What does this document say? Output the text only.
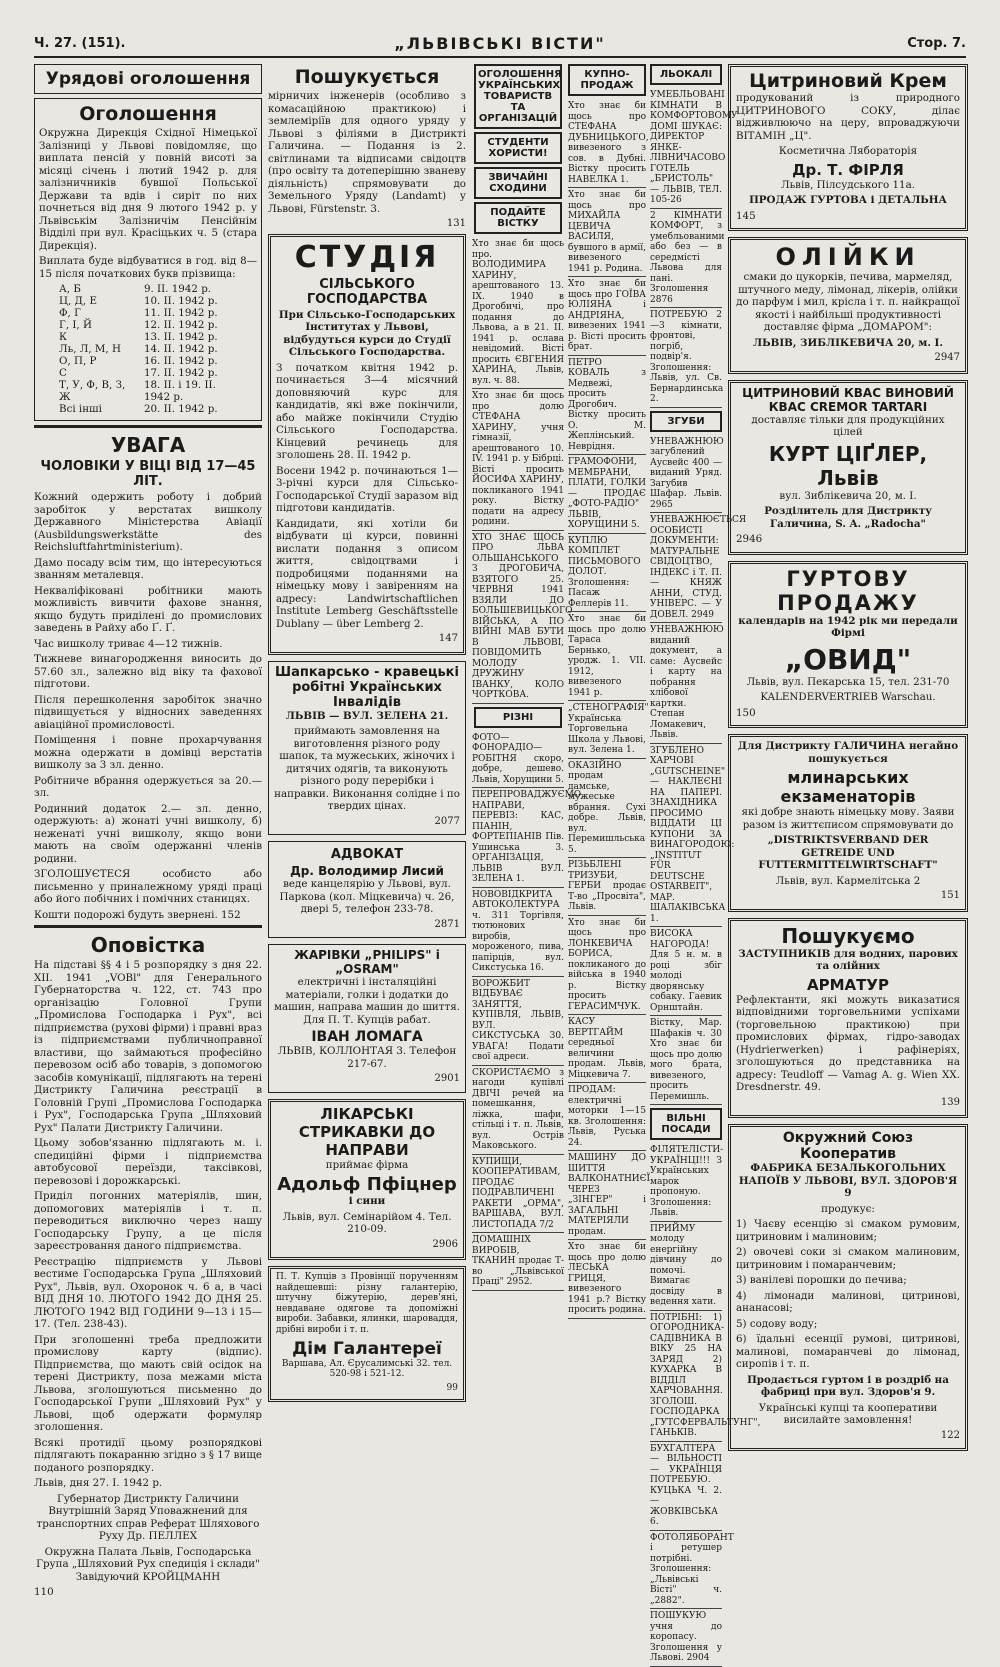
Ч. 27. (151).	„ЛЬВІВСЬКІ ВІСТИ"	Стор. 7.
Урядові оголошення
Оголошення

Окружна Дирекція Східної Німецької Залізниці у Львові повідомляє, що виплата пенсій у повній висоті за місяці січень і лютий 1942 р. для залізничників бувшої Польської Держави та вдів і сиріт по них почнеться від дня 9 лютого 1942 р. у Львівськім Залізничім Пенсійнім Відділі при вул. Красіцьких ч. 5 (стара Дирекція).

Виплата буде відбуватися в год. від 8—15 після початкових букв прізвища:

А, Б	9. II. 1942 р.
Ц, Д, Е	10. II. 1942 р.
Ф, Г	11. II. 1942 р.
Г, І, Й	12. II. 1942 р.
К	13. II. 1942 р.
Ль, Л, М, Н	14. II. 1942 р.
О, П, Р	16. II. 1942 р.
С	17. II. 1942 р.
Т, У, Ф, В, З, Ж	18. II. і 19. II. 1942 р.
Всі інші	20. II. 1942 р.
УВАГА
ЧОЛОВІКИ У ВІЦІ ВІД 17—45 ЛІТ.

Кожний одержить роботу і добрий заробіток у верстатах вишколу Державного Міністерства Авіації (Ausbildungswerkstätte des Reichsluftfahrtministerium).

Дамо посаду всім тим, що інтересуються званням металевця.

Некваліфіковані робітники мають можливість вивчити фахове знання, якщо будуть приділені до промислових заведень в Райху або Ґ. Ґ.

Час вишколу триває 4—12 тижнів.

Тижневе винагородження виносить до 57.60 зл., залежно від віку та фахової підготови.

Після перешколення заробіток значно підвищується у відносних заведеннях авіаційної промисловості.

Поміщення і повне прохарчування можна одержати в домівці верстатів вишколу за 3 зл. денно.

Робітниче вбрання одержується за 20.— зл.

Родинний додаток 2.— зл. денно, одержують: а) жонаті учні вишколу, б) неженаті учні вишколу, якщо вони мають на своїм одержанні членів родини.

ЗГОЛОШУЄТЕСЯ особисто або письменно у приналежному уряді праці або його побічних і помічних станицях.

Кошти подорожі будуть звернені. 152

Оповістка

На підставі §§ 4 і 5 розпорядку з дня 22. XII. 1941 „VOBl" для Генерального Губернаторства ч. 122, ст. 743 про організацію Головної Групи „Промислова Господарка і Рух", всі підприємства (рухові фірми) і правні враз із підприємствами публичноправної властиви, що займаються професійно перевозом осіб або товарів, з допомогою засобів комунікації, підлягають на терені Дистрикту Галичина реєстрації в Головній Групі „Промислова Господарка і Рух", Господарська Група „Шляховий Рух" Палати Дистрикту Галичини.

Цьому зобов'язанню підлягають м. і. спедиційні фірми і підприємства автобусової переїзди, таксівкові, перевозові і дорожкарські.

Приділ погонних матеріялів, шин, допомогових матеріялів і т. п. переводиться виключно через нашу Господарську Групу, а це після зареєстровання даного підприємства.

Реєстрацію підприємств у Львові вестиме Господарська Група „Шляховий Рух", Львів, вул. Охоронок ч. 6 а, в часі ВІД ДНЯ 10. ЛЮТОГО 1942 ДО ДНЯ 25. ЛЮТОГО 1942 ВІД ГОДИНИ 9—13 і 15—17. (Тел. 238-43).

При зголошенні треба предложити промислову карту (відпис). Підприємства, що мають свій осідок на терені Дистрикту, поза межами міста Львова, зголошуються письменно до Господарської Групи „Шляховий Рух" у Львові, щоб одержати формуляр зголошення.

Всякі протидії цьому розпорядкові підлягають покаранню згідно з § 17 вище поданого розпорядку.

Львів, дня 27. I. 1942 р.

Губернатор Дистрикту Галичини Внутрішній Заряд Уповажнений для транспортних справ Реферат Шляхового Руху Др. ПЕЛЛЕХ

Окружна Палата Львів, Господарська Група „Шляховий Рух спедиція і склади" Завідуючий КРОЙЦМАНН

110

Пошукується

мірничих інженерів (особливо з комасаційною практикою) і землеміріїв для одного уряду у Львові з філіями в Дистрикті Галичина. — Подання із 2. світлинами та відписами свідоцтв (про освіту та дотеперішню званеву діяльність) спрямовувати до Земельного Уряду (Landamt) у Львові, Fürstenstr. 3.

131

СТУДІЯ
СІЛЬСЬКОГО ГОСПОДАРСТВА

При Сільсько-Господарських Інститутах у Львові, відбудуться курси до Студії Сільського Господарства.

З початком квітня 1942 р. починається 3—4 місячний доповняючий курс для кандидатів, які вже покінчили, або майже покінчили Студію Сільського Господарства. Кінцевий речинець для зголошень 28. II. 1942 р.

Восени 1942 р. починаються 1—3-річні курси для Сільсько-Господарської Студії заразом від підготови кандидатів.

Кандидати, які хотіли би відбувати ці курси, повинні вислати подання з описом життя, свідоцтвами і подробицями поданнями на німецьку мову і завіренням на адресу: Landwirtschaftlichen Institute Lemberg Geschäftsstelle Dublany — über Lemberg 2.

147

Шапкарсько - кравецькі робітні Українських Інвалідів

ЛЬВІВ — ВУЛ. ЗЕЛЕНА 21.

приймають замовлення на виготовлення різного роду шапок, та мужеських, жіночих і дитячих одягів, та виконують різного роду перерібки і направки. Виконання солідне і по твердих цінах.

2077

АДВОКАТ
Др. Володимир Лисий

веде канцелярію у Львові, вул. Паркова (кол. Міцкевича) ч. 26, двері 5, телефон 233-78.

2871

ЖАРІВКИ „PHILIPS" і „OSRAM"

електричні і інсталяційні матеріали, голки і додатки до машин, направа машин до шиття. Для П. Т. Купців рабат.

ІВАН ЛОМАГА

ЛЬВІВ, КОЛЛОНТАЯ 3. Телефон 217-67.

2901

ЛІКАРСЬКІ СТРИКАВКИ ДО НАПРАВИ

приймає фірма

Адольф Пфіцнер

і сини

Львів, вул. Семінарійом 4. Тел. 210-09.

2906

П. Т. Купців з Провінції порученням найдешевші: різну галантерію, штучну біжутерію, дерев'яні, невдаване одягове та допоміжні вироби. Забавки, ялинки, шароваддя, дрібні вироби і т. п.

Дім Галантереї

Варшава, Ал. Єрусалимські 32. тел. 520-98 і 521-12.

99

ОГОЛОШЕННЯ УКРАЇНСЬКИХ ТОВАРИСТВ ТА ОРГАНІЗАЦІЙ
СТУДЕНТИ ХОРИСТИ!
ЗВИЧАЙНІ СХОДИНИ
ПОДАЙТЕ ВІСТКУ
Хто знає би щось про. ВОЛОДИМИРА ХАРИНУ, арештованого 13. IX. 1940 в Дрогобичі, про подання до Львова, а в 21. II. 1941 р. ослава невідомий. Вісті просить ЄВГЕНИЯ ХАРИНА, Львів, вул. ч. 88.
Хто знає би щось про долю СТЕФАНА ХАРИНУ, учня гімназії, арештованого 10. IV. 1941 р. у Бібрці. Вісті просить ЙОСИФА ХАРИНУ, покликаного 1941 року. Вістку подати на адресу родини.
ХТО ЗНАЄ ЩОСЬ ПРО ЛЬВА ОЛЬШАНСЬКОГО З ДРОГОБИЧА, ВЗЯТОГО 25. ЧЕРВНЯ 1941 ВЗЯЛИ ДО БОЛЬШЕВИЦЬКОГО ВІЙСЬКА, А ПО ВІЙНІ МАВ БУТИ В ЛЬВОВІ, ПОВІДОМИТЬ МОЛОДУ ДРУЖИНУ ІВАНКУ, КОЛО ЧОРТКОВА.
РІЗНІ
ФОТО—ФОНОРАДІО—РОБІТНЯ скоро, добре, дешево. Львів, Хорущини 5.
ПЕРЕПРОВАДЖУЄМО, НАПРАВИ, ПЕРЕВІЗ: КАС, ПІАНІН, ФОРТЕПІАНІВ Пів. Ушинська 3. ОРГАНІЗАЦІЯ, ЛЬВІВ ВУЛ. ЗЕЛЕНА 1.
НОВОВІДКРИТА АВТОКОЛЕКТУРА ч. 311 Торгівля, тютюнових виробів, мороженого, пива, папірців, вул. Сикстуська 16.
ВОРОЖБИТ ВІДБУВАЄ ЗАНЯТТЯ, КУПІВЛЯ, ЛЬВІВ, ВУЛ. СИКСТУСЬКА 30. УВАГА! Подати свої адреси.
СКОРИСТАЄМО з нагоди купівлі ДВІЧІ речей на помешкання, ліжка, шафи, стільці і т. п. Львів, вул. Острів Маковського.
КУПИЩИ, КООПЕРАТИВАМ, ПРОДАЄ ПОДРАВЛИЧЕНІ РАКЕТИ „ОРМА", ВАРШАВА, ВУЛ. ЛИСТОПАДА 7/2
ДОМАШНІХ ВИРОБІВ, ТКАНИН продає Т-во „Львівської Праці" 2952.
КУПНО-ПРОДАЖ
Хто знає би щось про СТЕФАНА ДУБНИЦЬКОГО, вивезеного з сов. в Дубні. Вістку просить НАВЕЛКА 1.
Хто знає би щось про МИХАЙЛА ЦЕВИЧА ВАСИЛЯ, бувшого в армії, вивезеного 1941 р. Родина.
Хто знає би щось про ГОЇВА ЮЛІЯНА і АНДРІЯНА, вивезених 1941 р. Вісті просить брат.
ПЕТРО КОВАЛЬ з Медвежі, просить Дрогобич. Вістку просить О. М. Жеплінський. Неврідня.
ГРАМОФОНИ, МЕМБРАНИ, ПЛАТИ, ГОЛКИ — ПРОДАЄ „ФОТО-РАДІО" ЛЬВІВ, ХОРУЩИНИ 5.
КУПЛЮ КОМПЛЕТ ПИСЬМОВОГО ДОЛОТ. Зголошення: Пасаж Феллерів 11.
Хто знає би щось про долю Тараса Бернько, уродж. 1. VII. 1912, вивезеного 1941 р.
„СТЕНОГРАФІЯ" Українська Торговельна Школа у Львові, вул. Зелена 1.
ОКАЗІЙНО продам дамське, мужеське вбрання. Сухі добре. Львів, вул. Перемишльська 5.
РІЗЬБЛЕНІ ТРИЗУБИ, ГЕРБИ продає Т-во „Просвіта", Львів.
Хто знає би щось про ЛОНКЕВИЧА БОРИСА, покликаного до війська в 1940 р. Вістку просить ГЕРАСИМЧУК.
КАСУ ВЕРТГАЙМ середньої величини продам. Львів, Міцкевича 7.
ПРОДАМ: електричні моторки 1—15 кв. Зголошення: Львів, Руська 24.
МАШИНУ ДО ШИТТЯ ВАЛКОНАТНИЄЇ ЧЕРЕЗ „ЗІНГЕР" і ЗАГАЛЬНІ МАТЕРІЯЛИ продам.
Хто знає би щось про долю ЛЕСЬКА ГРИЦЯ, вивезеного 1941 р.? Вістку просить родина.
ЛЬОКАЛІ
УМЕБЛЬОВАНІ КІМНАТИ В КОМФОРТОВОМУ ДОМІ ШУКАЄ: ДИРЕКТОР ЯНКЕ-ЛІВНИЧАСОВО ГОТЕЛЬ „БРИСТОЛЬ" — ЛЬВІВ, ТЕЛ. 105-26
2 КІМНАТИ КОМФОРТ, з умебльованими або без — в середмісті Львова для пані. Зголошення 2876
ПОТРЕБУЮ 2—3 кімнати, фронтові, погріб, подвір'я. Зголошення: Львів, ул. Св. Бернардинська 2.
ЗГУБИ
УНЕВАЖНЮЮ загублений Аусвейс 400 — виданий Уряд. Загубив Шафар. Львів. 2965
УНЕВАЖНЮЄТЬСЯ ОСОБИСТІ ДОКУМЕНТИ: МАТУРАЛЬНЕ СВІДОЦТВО, ІНДЕКС і Т. П. — КНЯЖ АННИ, СТУД. УНІВЕРС. — У ДОВЕЛ. 2949
УНЕВАЖНЮЮ виданий документ, а саме: Аусвейс і карту на побрання хлібової картки. Степан Ломакевич, Львів.
ЗГУБЛЕНО ХАРЧОВІ „GUTSCHEINE" — НАКЛЕЄНІ НА ПАПЕРІ. ЗНАХІДНИКА ПРОСИМО ВІДДАТИ ЦІ КУПОНИ ЗА ВИНАГОРОДОЮ: „INSTITUT FÜR DEUTSCHE OSTARBEIT", МАР. ШАЛАКІВСЬКА 1.
ВИСОКА НАГОРОДА! Для 5 н. м. в році збіг молоді дворянську собаку. Гаевик Орнштайн.
Вістку, Мар. Шафаків ч. 30 Хто знає би щось про долю мого брата, вивезеного, просить Перемишль.
ВІЛЬНІ ПОСАДИ
ФІЛЯТЕЛІСТИ-УКРАЇНЦІ!!! З Українських марок пропоную. Зголошення: Львів.
ПРИЙМУ молоду енергійну дівчину до помочі. Вимагає досвіду в ведення хати.
ПОТРІБНІ: 1) ОГОРОДНИКА-САДІВНИКА В ВІКУ 25 НА ЗАРЯД 2) КУХАРКА В ВІДДІЛ ХАРЧОВАННЯ. ЗГОЛОШ. ГОСПОДАРКА „ГУТСФЕРВАЛЬТУНГ", ГАНЬКІВ.
БУХГАЛТЕРА — ВІЛЬНОСТІ — УКРАЇНЦЯ ПОТРЕБУЮ. КУЦЬКА Ч. 2. — ЖОВКІВСЬКА 6.
ФОТОЛЯБОРАНТ і ретушер потрібні. Зголошення: „Львівські Вісті" ч. „2882".
ПОШУКУЮ учня до коропасу. Зголошення у Львові. 2904
Цитриновий Крем

продукований із природного ЦИТРИНОВОГО СОКУ, ділає відживлюючо на церу, впроваджуючи ВІТАМІН „Ц".

Косметична Лябораторія

Др. Т. ФІРЛЯ

Львів, Пілсудського 11а.

ПРОДАЖ ГУРТОВА і ДЕТАЛЬНА

145

ОЛІЙКИ

смаки до цукорків, печива, мармеляд, штучного меду, лімонад, лікерів, олійки до парфум і мил, крісла і т. п. найкращої якості і найбільші продуктивності доставляє фірма „ДОМАРОМ":

ЛЬВІВ, ЗИБЛІКЕВИЧА 20, м. І.

2947

ЦИТРИНОВИЙ КВАС ВИНОВИЙ КВАС CREMOR TARTARI

доставляє тільки для продукційних цілей

КУРТ ЦІҐЛЕР, Львів

вул. Зиблікевича 20, м. І.

Розділитель для Дистрикту Галичина, S. A. „Radocha"

2946

ГУРТОВУ ПРОДАЖУ

календарів на 1942 рік ми передали Фірмі

„ОВИД"

Львів, вул. Пекарська 15, тел. 231-70

KALENDERVERTRIEB Warschau.

150

Для Дистрикту ГАЛИЧИНА негайно пошукується

млинарських екзаменаторів

які добре знають німецьку мову. Заяви разом із життєписом спрямовувати до

„DISTRIKTSVERBAND DER GETREIDE UND FUTTERMITTELWIRTSCHAFT"

Львів, вул. Кармелітська 2

151

Пошукуємо

ЗАСТУПНИКІВ для водних, парових та олійних

АРМАТУР

Рефлектанти, які можуть виказатися відповідними торговельними успіхами (торговельною практикою) при промислових фірмах, гідро-заводах (Hydrierwerken) і рафінеріях, зголошуються до представника на адресу: Teudloff — Vamag A. g. Wien XX. Dresdnerstr. 49.

139

Окружний Союз Кооператив

ФАБРИКА БЕЗАЛЬКОГОЛЬНИХ НАПОЇВ У ЛЬВОВІ, ВУЛ. ЗДОРОВ'Я 9

продукує:

1) Чаєву есенцію зі смаком румовим, цитриновим і малиновим;

2) овочеві соки зі смаком малиновим, цитриновим і помаранчевим;

3) ванілеві порошки до печива;

4) лімонади малинові, цитринові, ананасові;

5) содову воду;

6) їдальні есенції румові, цитринові, малинові, помаранчеві до лімонад, сиропів і т. п.

Продається гуртом і в роздріб на фабриці при вул. Здоров'я 9.

Українські купці та кооперативи висилайте замовлення!

122
